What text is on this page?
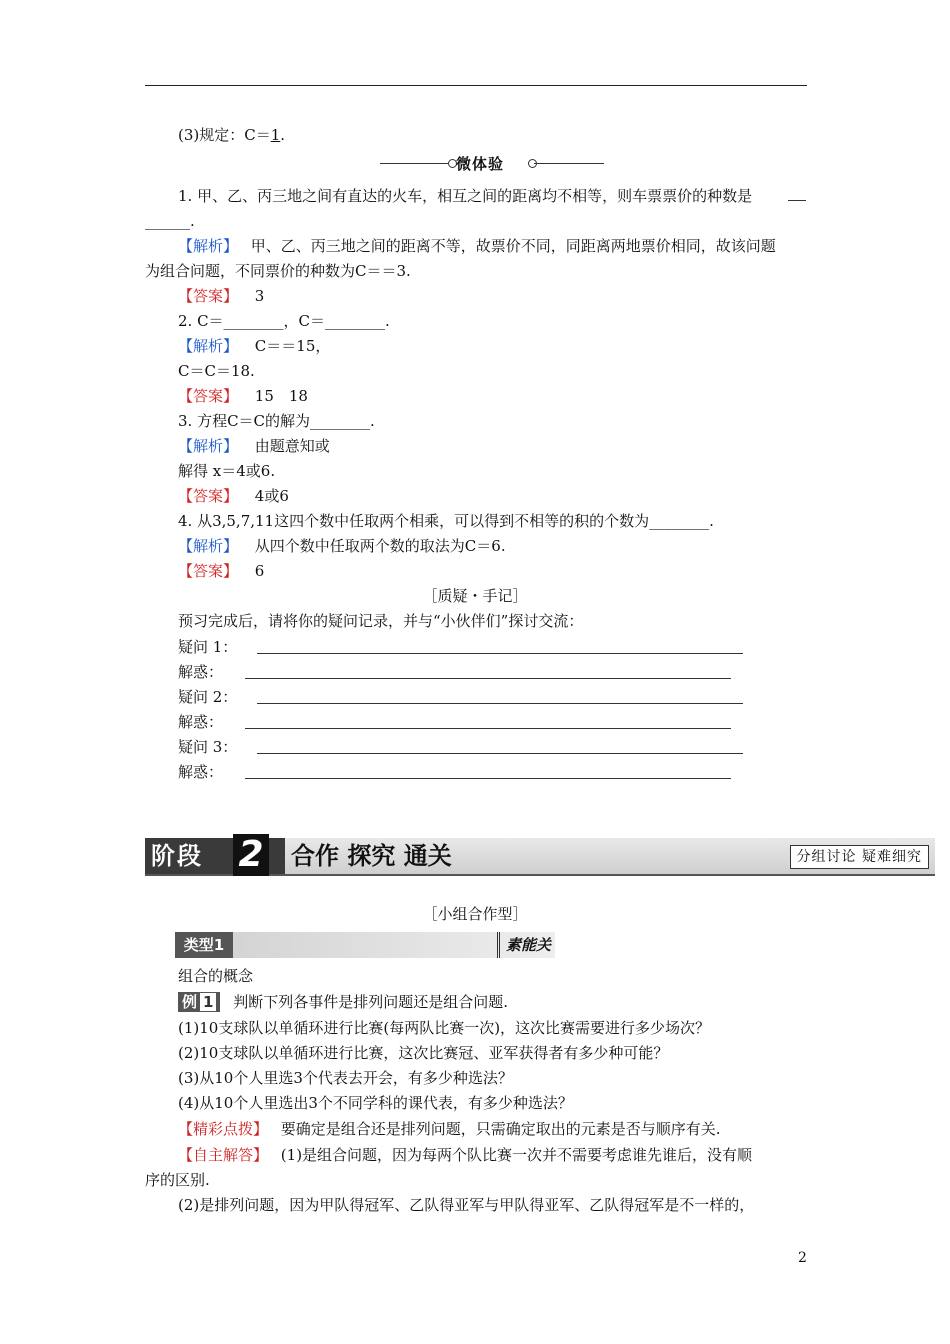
(3)规定：C＝1.
微体验
1. 甲、乙、丙三地之间有直达的火车，相互之间的距离均不相等，则车票票价的种数是
______.
【解析】 甲、乙、丙三地之间的距离不等，故票价不同，同距离两地票价相同，故该问题
为组合问题，不同票价的种数为C＝＝3.
【答案】 3
2. C＝________，C＝________.
【解析】 C＝＝15，
C＝C＝18.
【答案】 15　18
3. 方程C＝C的解为________.
【解析】 由题意知或
解得 x＝4或6.
【答案】 4或6
4. 从3,5,7,11这四个数中任取两个相乘，可以得到不相等的积的个数为________.
【解析】 从四个数中任取两个数的取法为C＝6.
【答案】 6
［质疑・手记］
预习完成后，请将你的疑问记录，并与“小伙伴们”探讨交流：
疑问 1：
解惑：
疑问 2：
解惑：
疑问 3：
解惑：
阶段 2 合作 探究 通关	分组讨论 疑难细究
［小组合作型］
类型1	素能关
组合的概念
例 1 判断下列各事件是排列问题还是组合问题.
(1)10支球队以单循环进行比赛(每两队比赛一次)，这次比赛需要进行多少场次？
(2)10支球队以单循环进行比赛，这次比赛冠、亚军获得者有多少种可能？
(3)从10个人里选3个代表去开会，有多少种选法？
(4)从10个人里选出3个不同学科的课代表，有多少种选法？
【精彩点拨】 要确定是组合还是排列问题，只需确定取出的元素是否与顺序有关.
【自主解答】 (1)是组合问题，因为每两个队比赛一次并不需要考虑谁先谁后，没有顺
序的区别.
(2)是排列问题，因为甲队得冠军、乙队得亚军与甲队得亚军、乙队得冠军是不一样的，
2
